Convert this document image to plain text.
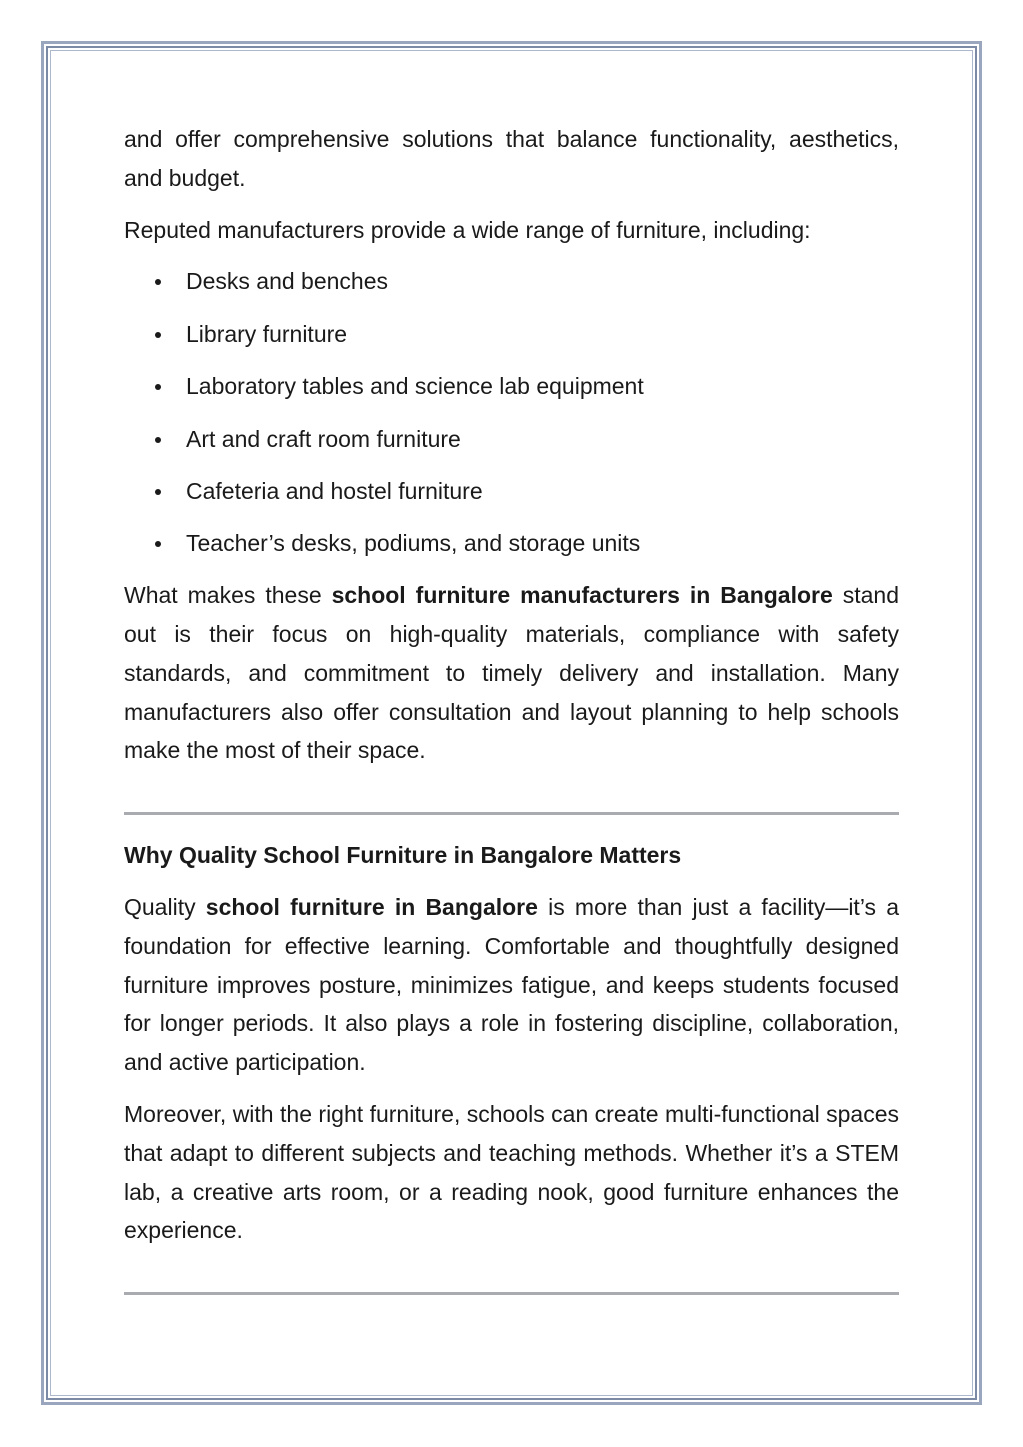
and offer comprehensive solutions that balance functionality, aesthetics, and budget.

Reputed manufacturers provide a wide range of furniture, including:

Desks and benches
Library furniture
Laboratory tables and science lab equipment
Art and craft room furniture
Cafeteria and hostel furniture
Teacher’s desks, podiums, and storage units

What makes these school furniture manufacturers in Bangalore stand out is their focus on high-quality materials, compliance with safety standards, and commitment to timely delivery and installation. Many manufacturers also offer consultation and layout planning to help schools make the most of their space.

Why Quality School Furniture in Bangalore Matters

Quality school furniture in Bangalore is more than just a facility—it’s a foundation for effective learning. Comfortable and thoughtfully designed furniture improves posture, minimizes fatigue, and keeps students focused for longer periods. It also plays a role in fostering discipline, collaboration, and active participation.

Moreover, with the right furniture, schools can create multi-functional spaces that adapt to different subjects and teaching methods. Whether it’s a STEM lab, a creative arts room, or a reading nook, good furniture enhances the experience.
